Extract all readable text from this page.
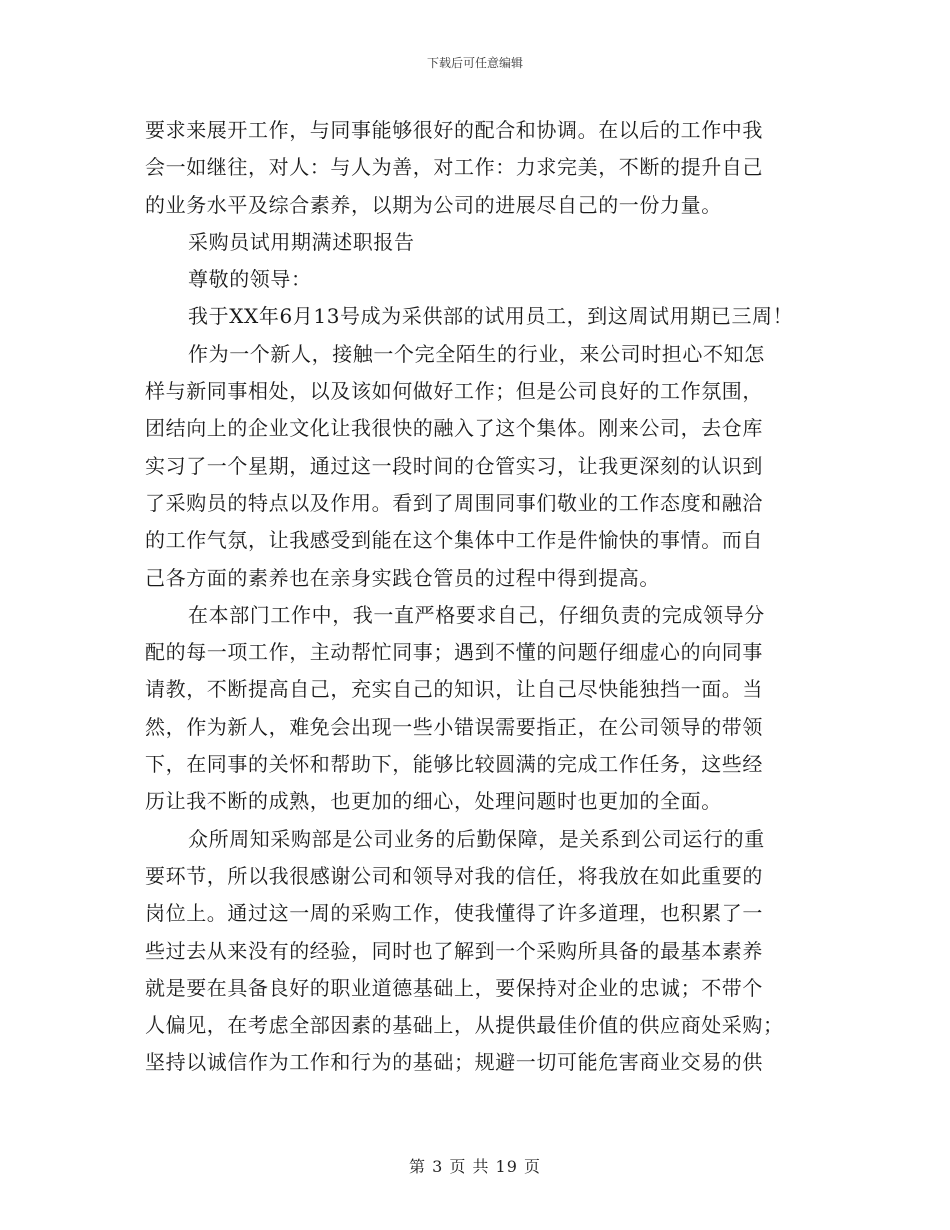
下载后可任意编辑
要求来展开工作，与同事能够很好的配合和协调。在以后的工作中我
会一如继往，对人：与人为善，对工作：力求完美，不断的提升自己
的业务水平及综合素养，以期为公司的进展尽自己的一份力量。
采购员试用期满述职报告
尊敬的领导：
我于XX年6月13号成为采供部的试用员工，到这周试用期已三周！
作为一个新人，接触一个完全陌生的行业，来公司时担心不知怎
样与新同事相处，以及该如何做好工作；但是公司良好的工作氛围，
团结向上的企业文化让我很快的融入了这个集体。刚来公司，去仓库
实习了一个星期，通过这一段时间的仓管实习，让我更深刻的认识到
了采购员的特点以及作用。看到了周围同事们敬业的工作态度和融洽
的工作气氛，让我感受到能在这个集体中工作是件愉快的事情。而自
己各方面的素养也在亲身实践仓管员的过程中得到提高。
在本部门工作中，我一直严格要求自己，仔细负责的完成领导分
配的每一项工作，主动帮忙同事；遇到不懂的问题仔细虚心的向同事
请教，不断提高自己，充实自己的知识，让自己尽快能独挡一面。当
然，作为新人，难免会出现一些小错误需要指正，在公司领导的带领
下，在同事的关怀和帮助下，能够比较圆满的完成工作任务，这些经
历让我不断的成熟，也更加的细心，处理问题时也更加的全面。
众所周知采购部是公司业务的后勤保障，是关系到公司运行的重
要环节，所以我很感谢公司和领导对我的信任，将我放在如此重要的
岗位上。通过这一周的采购工作，使我懂得了许多道理，也积累了一
些过去从来没有的经验，同时也了解到一个采购所具备的最基本素养
就是要在具备良好的职业道德基础上，要保持对企业的忠诚；不带个
人偏见，在考虑全部因素的基础上，从提供最佳价值的供应商处采购；
坚持以诚信作为工作和行为的基础；规避一切可能危害商业交易的供
第 3 页 共 19 页
